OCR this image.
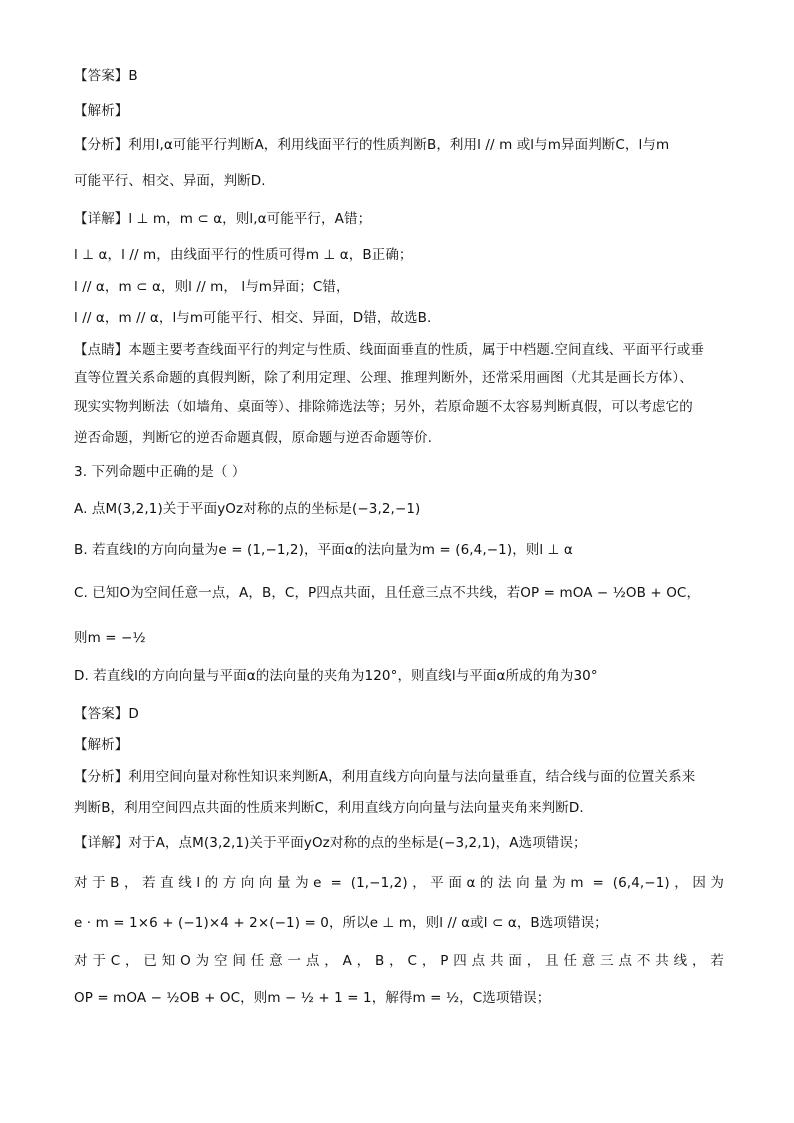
【答案】B
【解析】
【分析】利用l,α可能平行判断A，利用线面平行的性质判断B，利用l // m 或l与m异面判断C，l与m
可能平行、相交、异面，判断D.
【详解】l ⊥ m，m ⊂ α，则l,α可能平行，A错；
l ⊥ α，l // m，由线面平行的性质可得m ⊥ α，B正确；
l // α，m ⊂ α，则l // m， l与m异面；C错，
l // α，m // α，l与m可能平行、相交、异面，D错，故选B.
【点睛】本题主要考查线面平行的判定与性质、线面面垂直的性质，属于中档题.空间直线、平面平行或垂
直等位置关系命题的真假判断，除了利用定理、公理、推理判断外，还常采用画图（尤其是画长方体）、
现实实物判断法（如墙角、桌面等）、排除筛选法等；另外，若原命题不太容易判断真假，可以考虑它的
逆否命题，判断它的逆否命题真假，原命题与逆否命题等价.
3. 下列命题中正确的是（ ）
A. 点M(3,2,1)关于平面yOz对称的点的坐标是(−3,2,−1)
B. 若直线l的方向向量为e = (1,−1,2)，平面α的法向量为m = (6,4,−1)，则l ⊥ α
C. 已知O为空间任意一点，A，B，C，P四点共面，且任意三点不共线，若OP = mOA − ½OB + OC，
则m = −½
D. 若直线l的方向向量与平面α的法向量的夹角为120°，则直线l与平面α所成的角为30°
【答案】D
【解析】
【分析】利用空间向量对称性知识来判断A，利用直线方向向量与法向量垂直，结合线与面的位置关系来
判断B，利用空间四点共面的性质来判断C，利用直线方向向量与法向量夹角来判断D.
【详解】对于A，点M(3,2,1)关于平面yOz对称的点的坐标是(−3,2,1)，A选项错误；
对于B，若直线l的方向向量为e = (1,−1,2)，平面α的法向量为m = (6,4,−1)，因为
e · m = 1×6 + (−1)×4 + 2×(−1) = 0，所以e ⊥ m，则l // α或l ⊂ α，B选项错误；
对于C，已知O为空间任意一点，A，B，C，P四点共面，且任意三点不共线，若
OP = mOA − ½OB + OC，则m − ½ + 1 = 1，解得m = ½，C选项错误；
